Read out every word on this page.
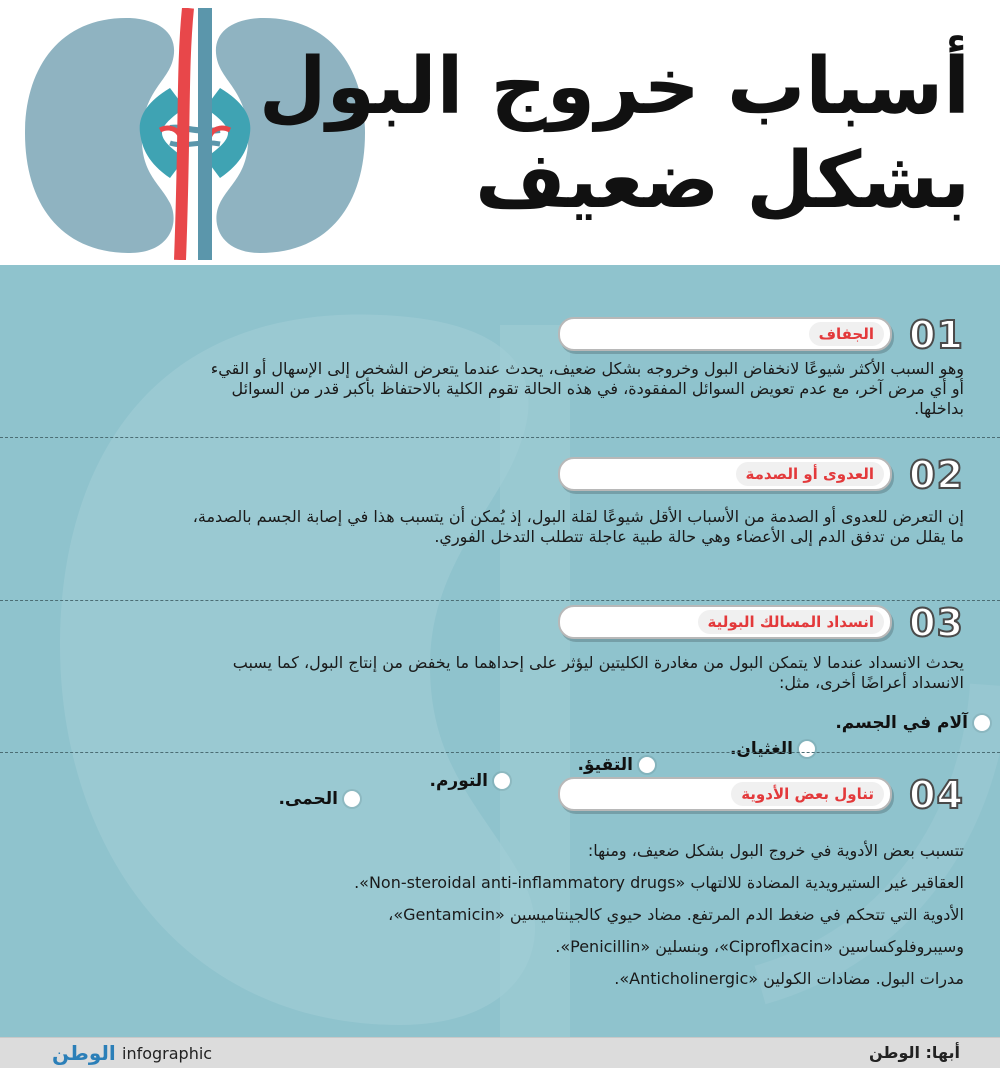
أسباب خروج البول
بشكل ضعيف
01
الجفاف
وهو السبب الأكثر شيوعًا لانخفاض البول وخروجه بشكل ضعيف، يحدث عندما يتعرض الشخص إلى الإسهال أو القيء
أو أي مرض آخر، مع عدم تعويض السوائل المفقودة، في هذه الحالة تقوم الكلية بالاحتفاظ بأكبر قدر من السوائل
بداخلها.
02
العدوى أو الصدمة
إن التعرض للعدوى أو الصدمة من الأسباب الأقل شيوعًا لقلة البول، إذ يُمكن أن يتسبب هذا في إصابة الجسم بالصدمة،
ما يقلل من تدفق الدم إلى الأعضاء وهي حالة طبية عاجلة تتطلب التدخل الفوري.
03
انسداد المسالك البولية
يحدث الانسداد عندما لا يتمكن البول من مغادرة الكليتين ليؤثر على إحداهما ما يخفض من إنتاج البول، كما يسبب
الانسداد أعراضًا أخرى، مثل:
آلام في الجسم.
الغثيان.
التقيؤ.
التورم.
الحمى.	04
تناول بعض الأدوية
تتسبب بعض الأدوية في خروج البول بشكل ضعيف، ومنها:
العقاقير غير الستيرويدية المضادة للالتهاب «Non-steroidal anti-inflammatory drugs».
الأدوية التي تتحكم في ضغط الدم المرتفع. مضاد حيوي كالجينتاميسين «Gentamicin»،
وسيبروفلوكساسين «Ciproflxacin»، وبنسلين «Penicillin».
مدرات البول. مضادات الكولين «Anticholinergic».
أبها: الوطن
الوطن infographic
